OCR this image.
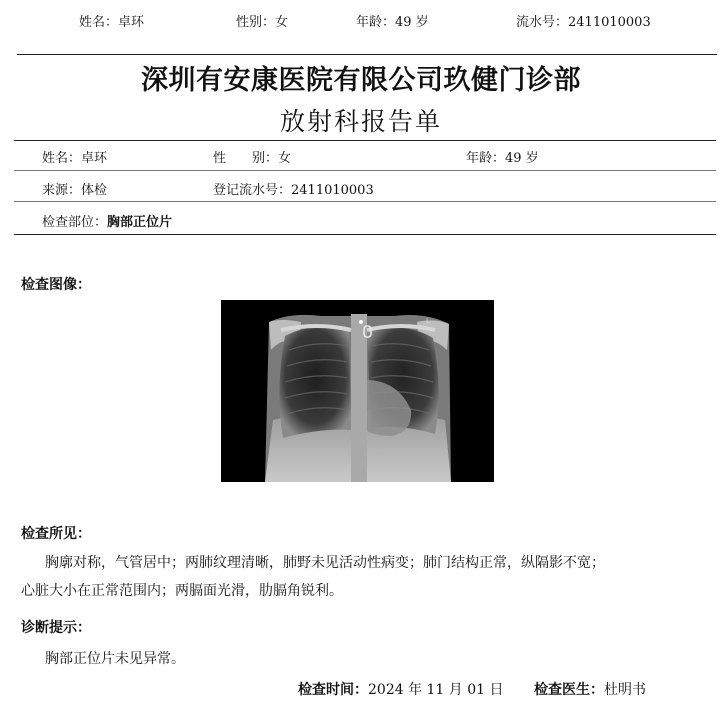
姓名：卓环	性别：女	年龄：49 岁	流水号：2411010003
深圳有安康医院有限公司玖健门诊部
放射科报告单
姓名：卓环	性　　别：女	年龄：49 岁
来源：体检	登记流水号：2411010003
检查部位：胸部正位片
检查图像：
L
检查所见：
胸廓对称，气管居中；两肺纹理清晰，肺野未见活动性病变；肺门结构正常，纵隔影不宽；
心脏大小在正常范围内；两膈面光滑，肋膈角锐利。
诊断提示：
胸部正位片未见异常。
检查时间：2024 年 11 月 01 日 检查医生：杜明书
